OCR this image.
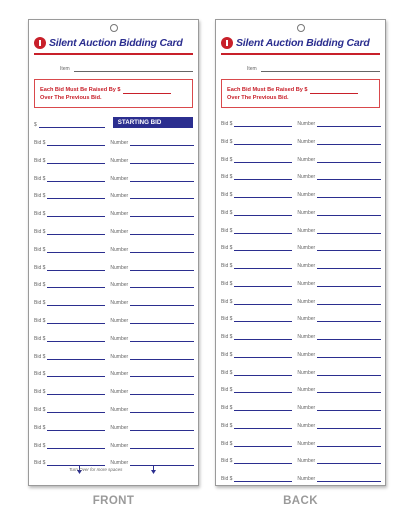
Silent Auction Bidding Card
Item
Each Bid Must Be Raised By $
Over The Previous Bid.
$	STARTING BID
Turn Over for more spaces
Bid $	Number
Bid $	Number
Bid $	Number
Bid $	Number
Bid $	Number
Bid $	Number
Bid $	Number
Bid $	Number
Bid $	Number
Bid $	Number
Bid $	Number
Bid $	Number
Bid $	Number
Bid $	Number
Bid $	Number
Bid $	Number
Bid $	Number
Bid $	Number
Bid $	Number
Silent Auction Bidding Card
Item
Each Bid Must Be Raised By $
Over The Previous Bid.
Bid $	Number
Bid $	Number
Bid $	Number
Bid $	Number
Bid $	Number
Bid $	Number
Bid $	Number
Bid $	Number
Bid $	Number
Bid $	Number
Bid $	Number
Bid $	Number
Bid $	Number
Bid $	Number
Bid $	Number
Bid $	Number
Bid $	Number
Bid $	Number
Bid $	Number
Bid $	Number
Bid $	Number
FRONT	BACK
